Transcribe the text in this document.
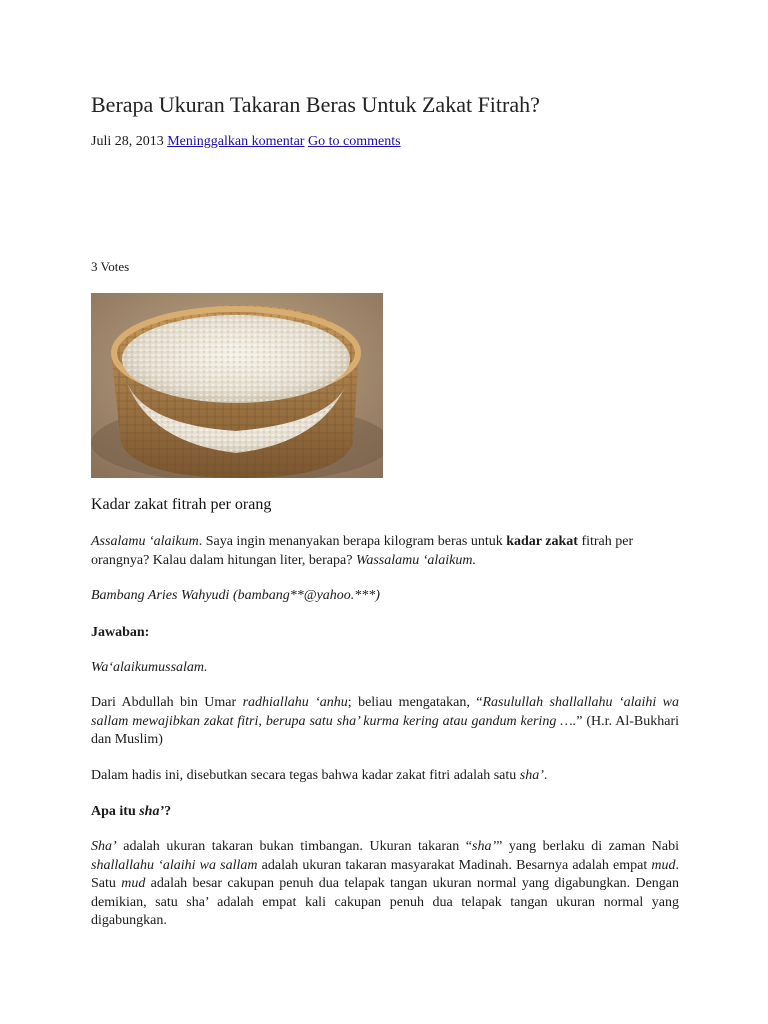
Berapa Ukuran Takaran Beras Untuk Zakat Fitrah?
Juli 28, 2013 Meninggalkan komentar Go to comments
3 Votes
Kadar zakat fitrah per orang

Assalamu ‘alaikum. Saya ingin menanyakan berapa kilogram beras untuk kadar zakat fitrah per orangnya? Kalau dalam hitungan liter, berapa? Wassalamu ‘alaikum.

Bambang Aries Wahyudi (bambang**@yahoo.***)

Jawaban:

Wa‘alaikumussalam.

Dari Abdullah bin Umar radhiallahu ‘anhu; beliau mengatakan, “Rasulullah shallallahu ‘alaihi wa sallam mewajibkan zakat fitri, berupa satu sha’ kurma kering atau gandum kering ….” (H.r. Al-Bukhari dan Muslim)

Dalam hadis ini, disebutkan secara tegas bahwa kadar zakat fitri adalah satu sha’.

Apa itu sha’?

Sha’ adalah ukuran takaran bukan timbangan. Ukuran takaran “sha’” yang berlaku di zaman Nabi shallallahu ‘alaihi wa sallam adalah ukuran takaran masyarakat Madinah. Besarnya adalah empat mud. Satu mud adalah besar cakupan penuh dua telapak tangan ukuran normal yang digabungkan. Dengan demikian, satu sha’ adalah empat kali cakupan penuh dua telapak tangan ukuran normal yang digabungkan.
